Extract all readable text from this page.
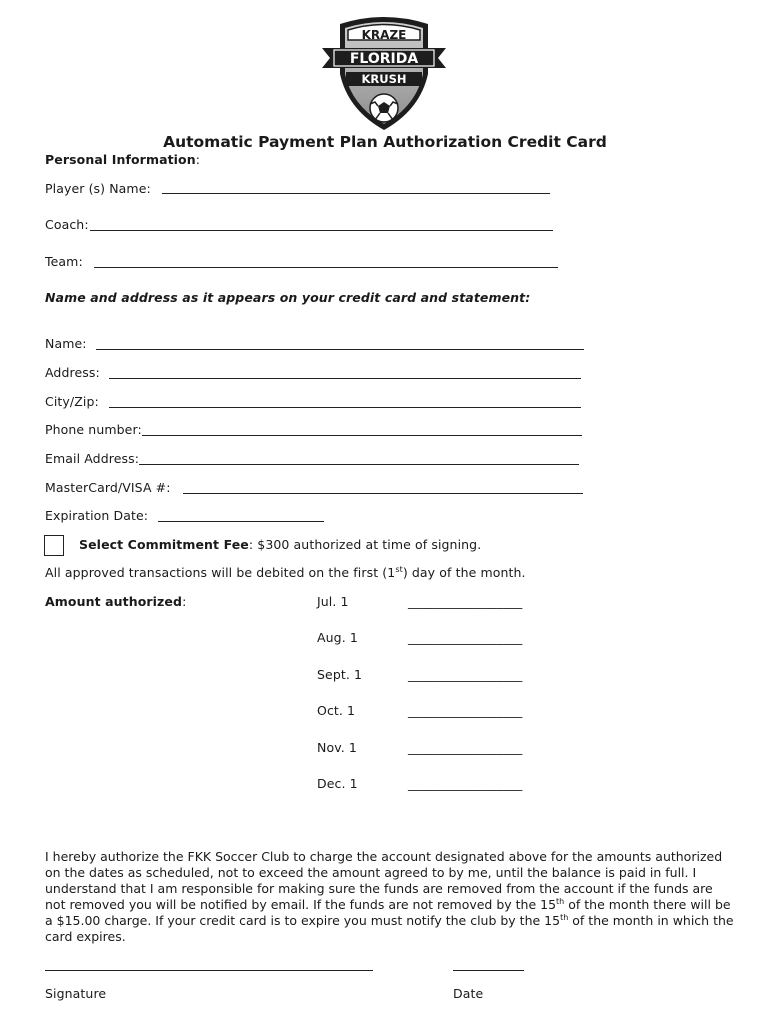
KRAZE
FLORIDA
KRUSH
Automatic Payment Plan Authorization Credit Card
Personal Information:
Player (s) Name:
Coach:
Team:
Name and address as it appears on your credit card and statement:
Name:
Address:
City/Zip:
Phone number:
Email Address:
MasterCard/VISA #:
Expiration Date:
Select Commitment Fee: $300 authorized at time of signing.
All approved transactions will be debited on the first (1st) day of the month.
Amount authorized:	Jul. 1	__________________
Aug. 1	__________________
Sept. 1	__________________
Oct. 1	__________________
Nov. 1	__________________
Dec. 1	__________________

I hereby authorize the FKK Soccer Club to charge the account designated above for the amounts authorized on the dates as scheduled, not to exceed the amount agreed to by me, until the balance is paid in full. I understand that I am responsible for making sure the funds are removed from the account if the funds are not removed you will be notified by email. If the funds are not removed by the 15th of the month there will be a $15.00 charge. If your credit card is to expire you must notify the club by the 15th of the month in which the card expires.

Signature	Date
